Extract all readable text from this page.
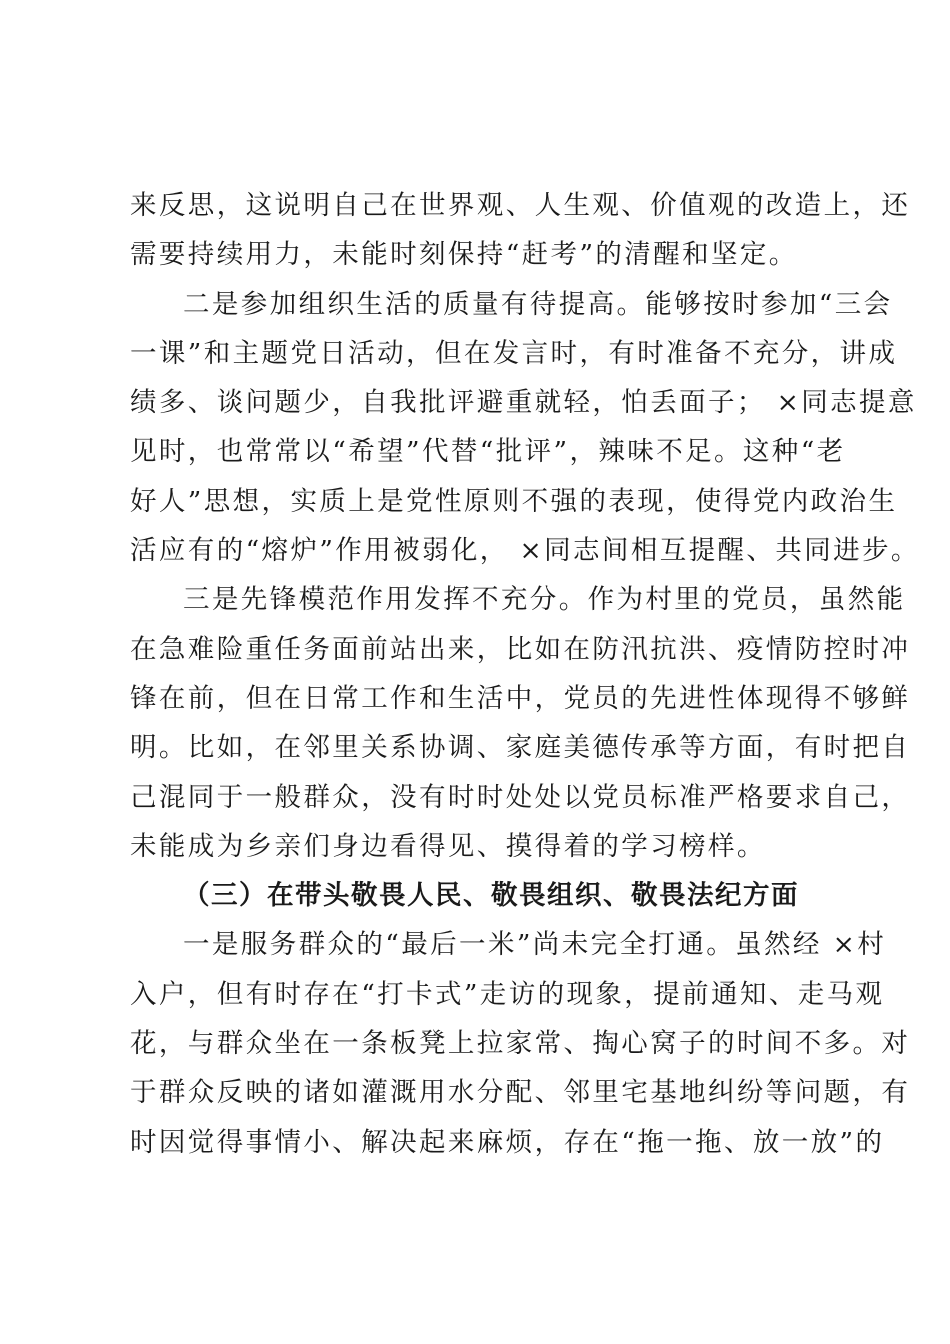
来反思，这说明自己在世界观、人生观、价值观的改造上，还
需要持续用力，未能时刻保持“赶考”的清醒和坚定。
二是参加组织生活的质量有待提高。能够按时参加“三会
一课”和主题党日活动，但在发言时，有时准备不充分，讲成
绩多、谈问题少，自我批评避重就轻，怕丢面子； ×同志提意
见时，也常常以“希望”代替“批评”，辣味不足。这种“老
好人”思想，实质上是党性原则不强的表现，使得党内政治生
活应有的“熔炉”作用被弱化， ×同志间相互提醒、共同进步。
三是先锋模范作用发挥不充分。作为村里的党员，虽然能
在急难险重任务面前站出来，比如在防汛抗洪、疫情防控时冲
锋在前，但在日常工作和生活中，党员的先进性体现得不够鲜
明。比如，在邻里关系协调、家庭美德传承等方面，有时把自
己混同于一般群众，没有时时处处以党员标准严格要求自己，
未能成为乡亲们身边看得见、摸得着的学习榜样。
（三）在带头敬畏人民、敬畏组织、敬畏法纪方面
一是服务群众的“最后一米”尚未完全打通。虽然经 ×村
入户，但有时存在“打卡式”走访的现象，提前通知、走马观
花，与群众坐在一条板凳上拉家常、掏心窝子的时间不多。对
于群众反映的诸如灌溉用水分配、邻里宅基地纠纷等问题，有
时因觉得事情小、解决起来麻烦，存在“拖一拖、放一放”的
